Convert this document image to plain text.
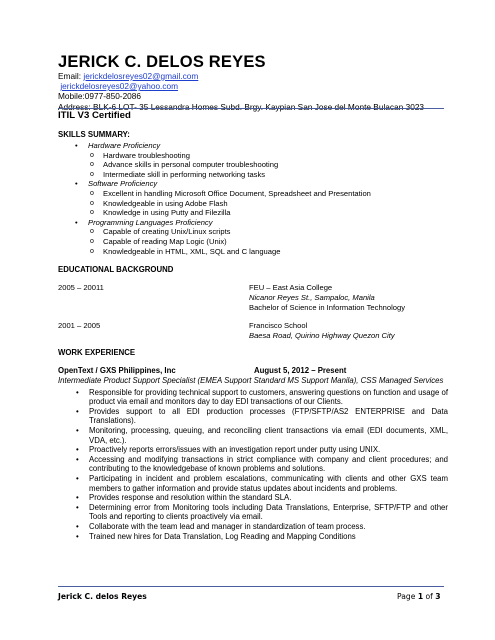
JERICK C. DELOS REYES
Email: jerickdelosreyes02@gmail.com
jerickdelosreyes02@yahoo.com
Mobile:0977-850-2086
Address: BLK-6 LOT- 35 Lessandra Homes Subd. Brgy. Kaypian San Jose del Monte Bulacan 3023
ITIL V3 Certified
SKILLS SUMMARY:
• Hardware Proficiency
o Hardware troubleshooting
o Advance skills in personal computer troubleshooting
o Intermediate skill in performing networking tasks
• Software Proficiency
o Excellent in handling Microsoft Office Document, Spreadsheet and Presentation
o Knowledgeable in using Adobe Flash
o Knowledge in using Putty and Filezilla
• Programming Languages Proficiency
o Capable of creating Unix/Linux scripts
o Capable of reading Map Logic (Unix)
o Knowledgeable in HTML, XML, SQL and C language
EDUCATIONAL BACKGROUND
2005 – 20011	FEU – East Asia College
Nicanor Reyes St., Sampaloc, Manila
Bachelor of Science in Information Technology
2001 – 2005	Francisco School
Baesa Road, Quirino Highway Quezon City
WORK EXPERIENCE
OpenText / GXS Philippines, Inc	August 5, 2012 – Present
Intermediate Product Support Specialist (EMEA Support Standard MS Support Manila), CSS Managed Services
• Responsible for providing technical support to customers, answering questions on function and usage of product via email and monitors day to day EDI transactions of our Clients.
• Provides support to all EDI production processes (FTP/SFTP/AS2 ENTERPRISE and Data Translations).
• Monitoring, processing, queuing, and reconciling client transactions via email (EDI documents, XML, VDA, etc.).
• Proactively reports errors/issues with an investigation report under putty using UNIX.
• Accessing and modifying transactions in strict compliance with company and client procedures; and contributing to the knowledgebase of known problems and solutions.
• Participating in incident and problem escalations, communicating with clients and other GXS team members to gather information and provide status updates about incidents and problems.
• Provides response and resolution within the standard SLA.
• Determining error from Monitoring tools including Data Translations, Enterprise, SFTP/FTP and other Tools and reporting to clients proactively via email.
• Collaborate with the team lead and manager in standardization of team process.
• Trained new hires for Data Translation, Log Reading and Mapping Conditions
Jerick C. delos Reyes	Page 1 of 3
